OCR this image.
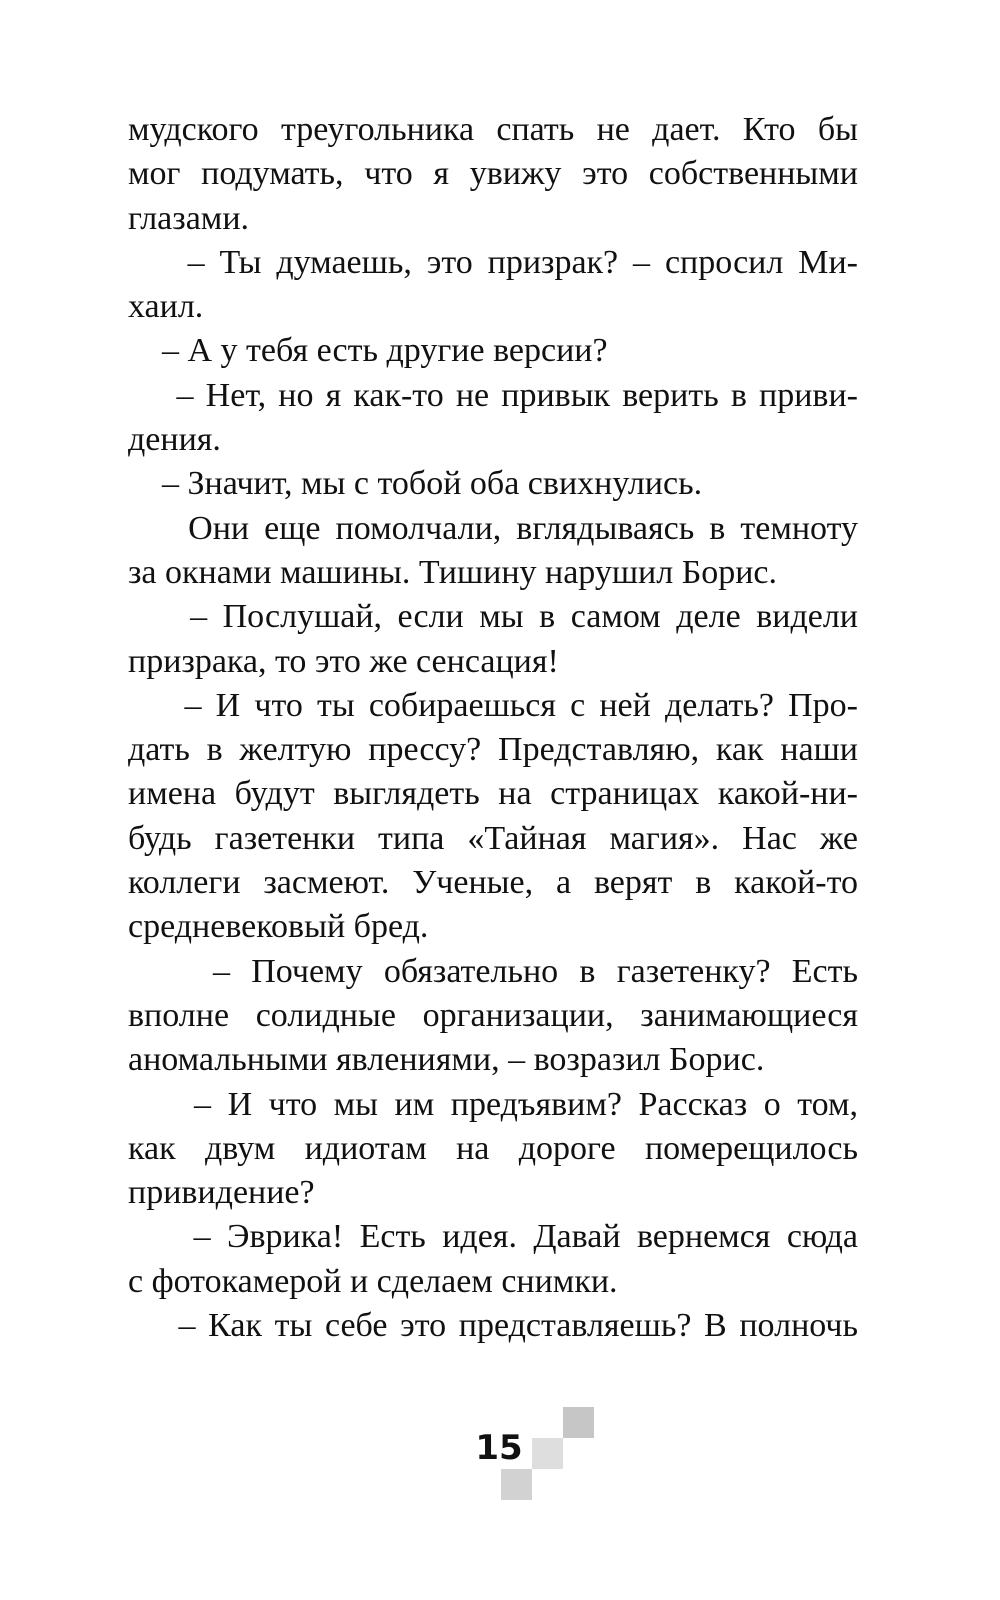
мудского треугольника спать не дает. Кто бы
мог подумать, что я увижу это собственными
глазами.
– Ты думаешь, это призрак? – спросил Ми-
хаил.
– А у тебя есть другие версии?
– Нет, но я как-то не привык верить в приви-
дения.
– Значит, мы с тобой оба свихнулись.
Они еще помолчали, вглядываясь в темноту
за окнами машины. Тишину нарушил Борис.
– Послушай, если мы в самом деле видели
призрака, то это же сенсация!
– И что ты собираешься с ней делать? Про-
дать в желтую прессу? Представляю, как наши
имена будут выглядеть на страницах какой-ни-
будь газетенки типа «Тайная магия». Нас же
коллеги засмеют. Ученые, а верят в какой-то
средневековый бред.
– Почему обязательно в газетенку? Есть
вполне солидные организации, занимающиеся
аномальными явлениями, – возразил Борис.
– И что мы им предъявим? Рассказ о том,
как двум идиотам на дороге померещилось
привидение?
– Эврика! Есть идея. Давай вернемся сюда
с фотокамерой и сделаем снимки.
– Как ты себе это представляешь? В полночь
15
